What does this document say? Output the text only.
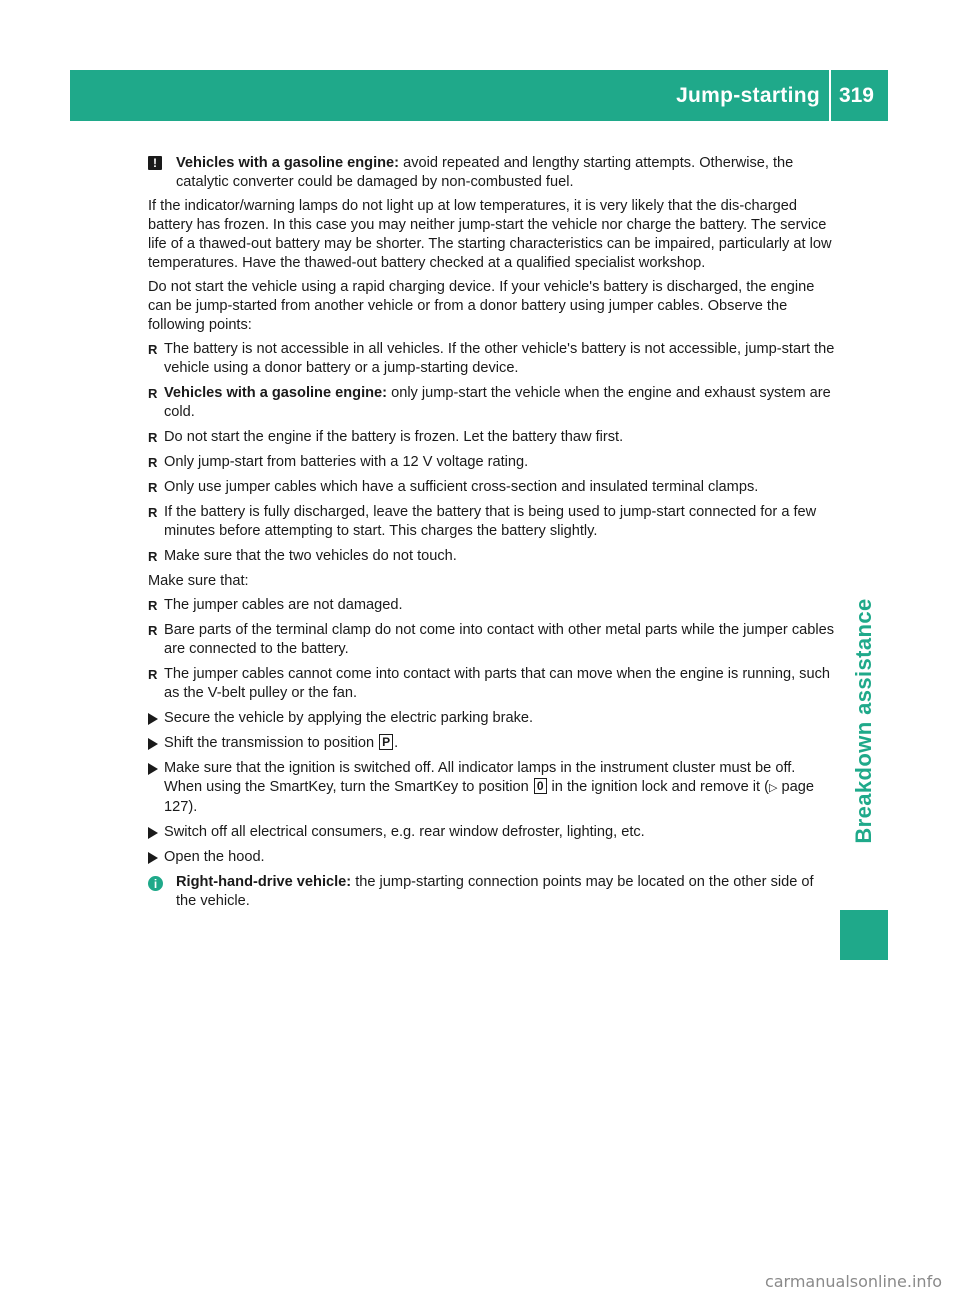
Jump-starting 319
Breakdown assistance
!	Vehicles with a gasoline engine: avoid repeated and lengthy starting attempts. Otherwise, the catalytic converter could be damaged by non-combusted fuel.

If the indicator/warning lamps do not light up at low temperatures, it is very likely that the dis-charged battery has frozen. In this case you may neither jump-start the vehicle nor charge the battery. The service life of a thawed-out battery may be shorter. The starting characteristics can be impaired, particularly at low temperatures. Have the thawed-out battery checked at a qualified specialist workshop.

Do not start the vehicle using a rapid charging device. If your vehicle's battery is discharged, the engine can be jump-started from another vehicle or from a donor battery using jumper cables. Observe the following points:

R The battery is not accessible in all vehicles. If the other vehicle's battery is not accessible, jump-start the vehicle using a donor battery or a jump-starting device.
R Vehicles with a gasoline engine: only jump-start the vehicle when the engine and exhaust system are cold.
R Do not start the engine if the battery is frozen. Let the battery thaw first.
R Only jump-start from batteries with a 12 V voltage rating.
R Only use jumper cables which have a sufficient cross-section and insulated terminal clamps.
R If the battery is fully discharged, leave the battery that is being used to jump-start connected for a few minutes before attempting to start. This charges the battery slightly.
R Make sure that the two vehicles do not touch.

Make sure that:

R The jumper cables are not damaged.
R Bare parts of the terminal clamp do not come into contact with other metal parts while the jumper cables are connected to the battery.
R The jumper cables cannot come into contact with parts that can move when the engine is running, such as the V-belt pulley or the fan.
Secure the vehicle by applying the electric parking brake.
Shift the transmission to position P .
Make sure that the ignition is switched off. All indicator lamps in the instrument cluster must be off. When using the SmartKey, turn the SmartKey to position 0 in the ignition lock and remove it (▷ page 127).
Switch off all electrical consumers, e.g. rear window defroster, lighting, etc.
Open the hood.
i	Right-hand-drive vehicle: the jump-starting connection points may be located on the other side of the vehicle.
carmanualsonline.info
